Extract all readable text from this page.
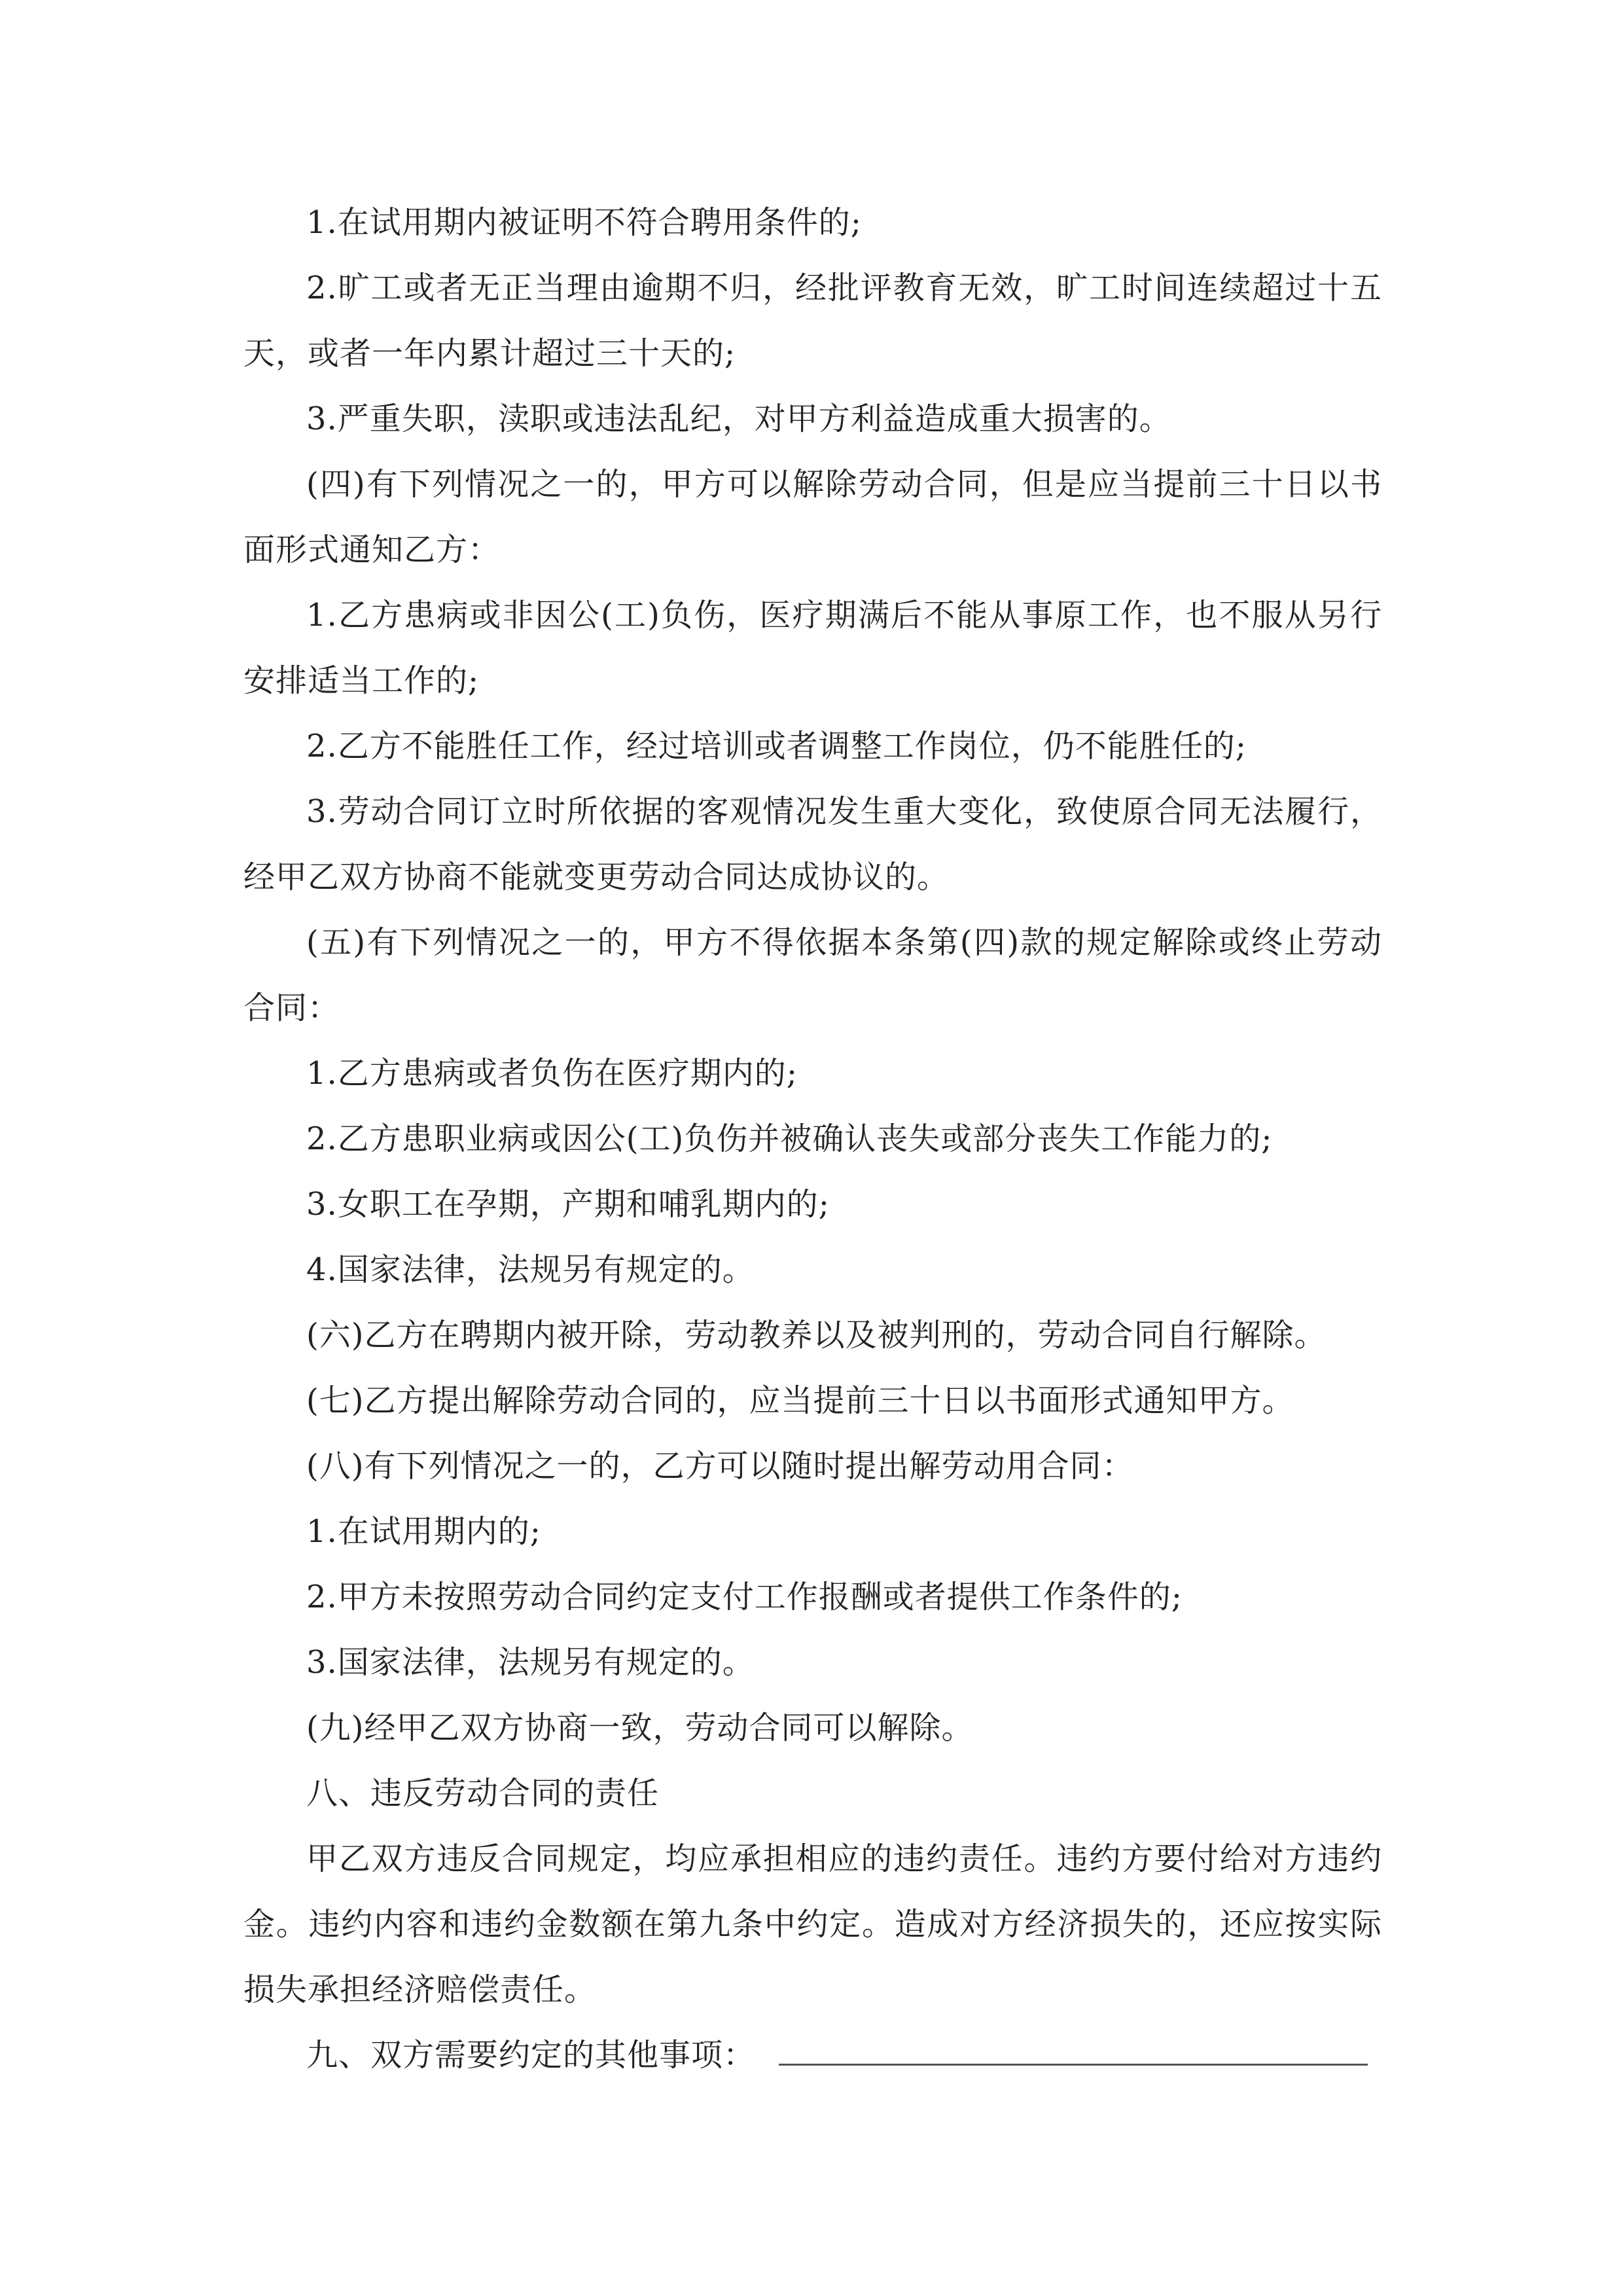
1.在试用期内被证明不符合聘用条件的;

2.旷工或者无正当理由逾期不归，经批评教育无效，旷工时间连续超过十五天，或者一年内累计超过三十天的;

3.严重失职，渎职或违法乱纪，对甲方利益造成重大损害的。

(四)有下列情况之一的，甲方可以解除劳动合同，但是应当提前三十日以书面形式通知乙方：

1.乙方患病或非因公(工)负伤，医疗期满后不能从事原工作，也不服从另行安排适当工作的;

2.乙方不能胜任工作，经过培训或者调整工作岗位，仍不能胜任的;

3.劳动合同订立时所依据的客观情况发生重大变化，致使原合同无法履行，经甲乙双方协商不能就变更劳动合同达成协议的。

(五)有下列情况之一的，甲方不得依据本条第(四)款的规定解除或终止劳动合同：

1.乙方患病或者负伤在医疗期内的;

2.乙方患职业病或因公(工)负伤并被确认丧失或部分丧失工作能力的;

3.女职工在孕期，产期和哺乳期内的;

4.国家法律，法规另有规定的。

(六)乙方在聘期内被开除，劳动教养以及被判刑的，劳动合同自行解除。

(七)乙方提出解除劳动合同的，应当提前三十日以书面形式通知甲方。

(八)有下列情况之一的，乙方可以随时提出解劳动用合同：

1.在试用期内的;

2.甲方未按照劳动合同约定支付工作报酬或者提供工作条件的;

3.国家法律，法规另有规定的。

(九)经甲乙双方协商一致，劳动合同可以解除。

八、违反劳动合同的责任

甲乙双方违反合同规定，均应承担相应的违约责任。违约方要付给对方违约金。违约内容和违约金数额在第九条中约定。造成对方经济损失的，还应按实际损失承担经济赔偿责任。

九、双方需要约定的其他事项：
